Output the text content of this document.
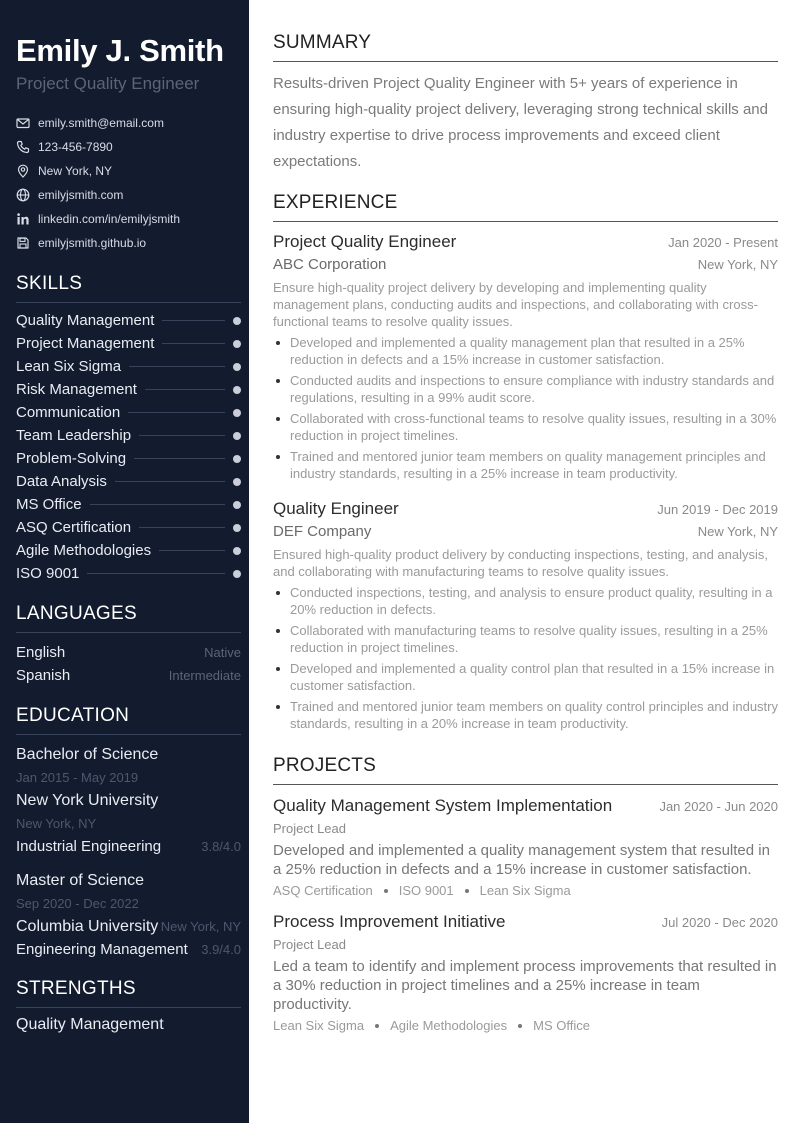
Emily J. Smith
Project Quality Engineer
emily.smith@email.com
123-456-7890
New York, NY
emilyjsmith.com
linkedin.com/in/emilyjsmith
emilyjsmith.github.io
SKILLS
Quality Management
Project Management
Lean Six Sigma
Risk Management
Communication
Team Leadership
Problem-Solving
Data Analysis
MS Office
ASQ Certification
Agile Methodologies
ISO 9001
LANGUAGES
English	Native
Spanish	Intermediate
EDUCATION
Bachelor of Science
Jan 2015 - May 2019
New York University
New York, NY
Industrial Engineering	3.8/4.0
Master of Science
Sep 2020 - Dec 2022
Columbia University New York, NY
Engineering Management 3.9/4.0
STRENGTHS
Quality Management
SUMMARY

Results-driven Project Quality Engineer with 5+ years of experience in ensuring high-quality project delivery, leveraging strong technical skills and industry expertise to drive process improvements and exceed client expectations.

EXPERIENCE
Project Quality Engineer	Jan 2020 - Present
ABC Corporation	New York, NY

Ensure high-quality project delivery by developing and implementing quality management plans, conducting audits and inspections, and collaborating with cross-functional teams to resolve quality issues.

Developed and implemented a quality management plan that resulted in a 25% reduction in defects and a 15% increase in customer satisfaction.
Conducted audits and inspections to ensure compliance with industry standards and regulations, resulting in a 99% audit score.
Collaborated with cross-functional teams to resolve quality issues, resulting in a 30% reduction in project timelines.
Trained and mentored junior team members on quality management principles and industry standards, resulting in a 25% increase in team productivity.
Quality Engineer	Jun 2019 - Dec 2019
DEF Company	New York, NY

Ensured high-quality product delivery by conducting inspections, testing, and analysis, and collaborating with manufacturing teams to resolve quality issues.

Conducted inspections, testing, and analysis to ensure product quality, resulting in a 20% reduction in defects.
Collaborated with manufacturing teams to resolve quality issues, resulting in a 25% reduction in project timelines.
Developed and implemented a quality control plan that resulted in a 15% increase in customer satisfaction.
Trained and mentored junior team members on quality control principles and industry standards, resulting in a 20% increase in team productivity.
PROJECTS
Quality Management System Implementation	Jan 2020 - Jun 2020
Project Lead

Developed and implemented a quality management system that resulted in a 25% reduction in defects and a 15% increase in customer satisfaction.

ASQ Certification ISO 9001 Lean Six Sigma
Process Improvement Initiative	Jul 2020 - Dec 2020
Project Lead

Led a team to identify and implement process improvements that resulted in a 30% reduction in project timelines and a 25% increase in team productivity.

Lean Six Sigma Agile Methodologies MS Office
